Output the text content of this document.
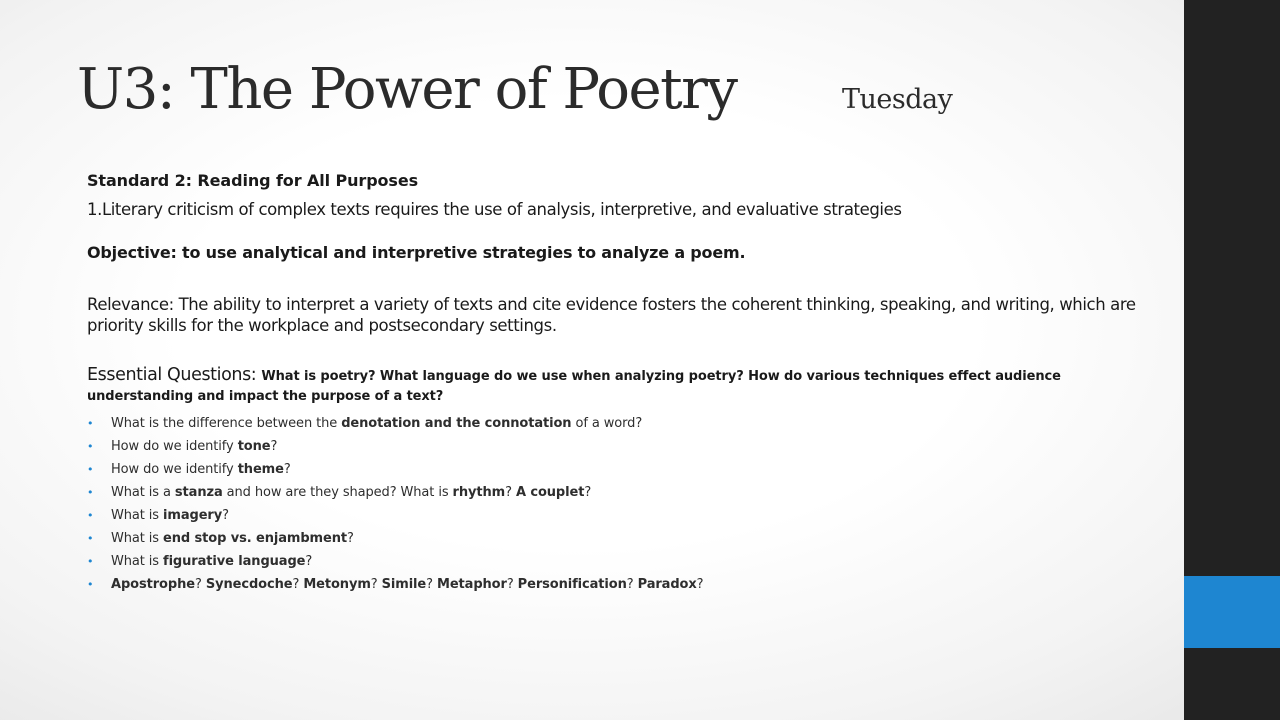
U3: The Power of Poetry	Tuesday

Standard 2: Reading for All Purposes

1.Literary criticism of complex texts requires the use of analysis, interpretive, and evaluative strategies

Objective: to use analytical and interpretive strategies to analyze a poem.

Relevance: The ability to interpret a variety of texts and cite evidence fosters the coherent thinking, speaking, and writing, which are priority skills for the workplace and postsecondary settings.

Essential Questions: What is poetry? What language do we use when analyzing poetry? How do various techniques effect audience understanding and impact the purpose of a text?

• What is the difference between the denotation and the connotation of a word?
• How do we identify tone?
• How do we identify theme?
• What is a stanza and how are they shaped? What is rhythm? A couplet?
• What is imagery?
• What is end stop vs. enjambment?
• What is figurative language?
• Apostrophe? Synecdoche? Metonym? Simile? Metaphor? Personification? Paradox?
